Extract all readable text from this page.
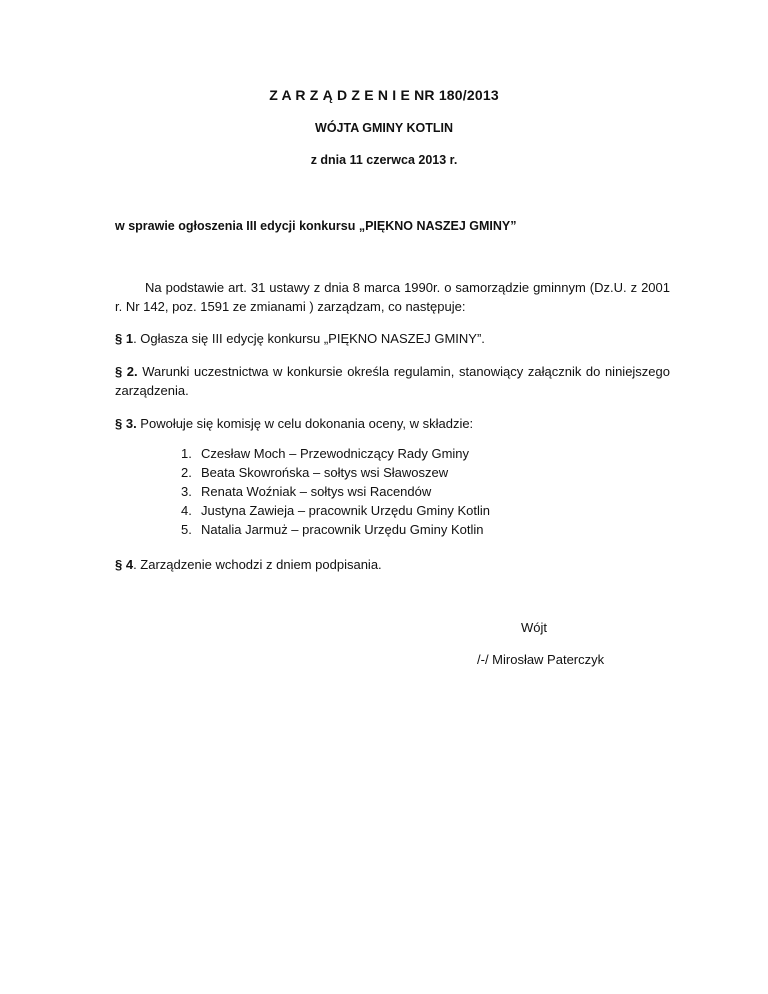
Z A R Z Ą D Z E N I E NR 180/2013
WÓJTA GMINY KOTLIN
z dnia 11 czerwca 2013 r.
w sprawie ogłoszenia III edycji konkursu „PIĘKNO NASZEJ GMINY”
Na podstawie art. 31 ustawy z dnia 8 marca 1990r. o samorządzie gminnym (Dz.U. z 2001 r. Nr 142, poz. 1591 ze zmianami ) zarządzam, co następuje:
§ 1. Ogłasza się III edycję konkursu „PIĘKNO NASZEJ GMINY”.
§ 2. Warunki uczestnictwa w konkursie określa regulamin, stanowiący załącznik do niniejszego zarządzenia.
§ 3. Powołuje się komisję w celu dokonania oceny, w składzie:
1. Czesław Moch – Przewodniczący Rady Gminy
2. Beata Skowrońska – sołtys wsi Sławoszew
3. Renata Woźniak – sołtys wsi Racendów
4. Justyna Zawieja – pracownik Urzędu Gminy Kotlin
5. Natalia Jarmuż – pracownik Urzędu Gminy Kotlin
§ 4. Zarządzenie wchodzi z dniem podpisania.
Wójt
/-/ Mirosław Paterczyk
